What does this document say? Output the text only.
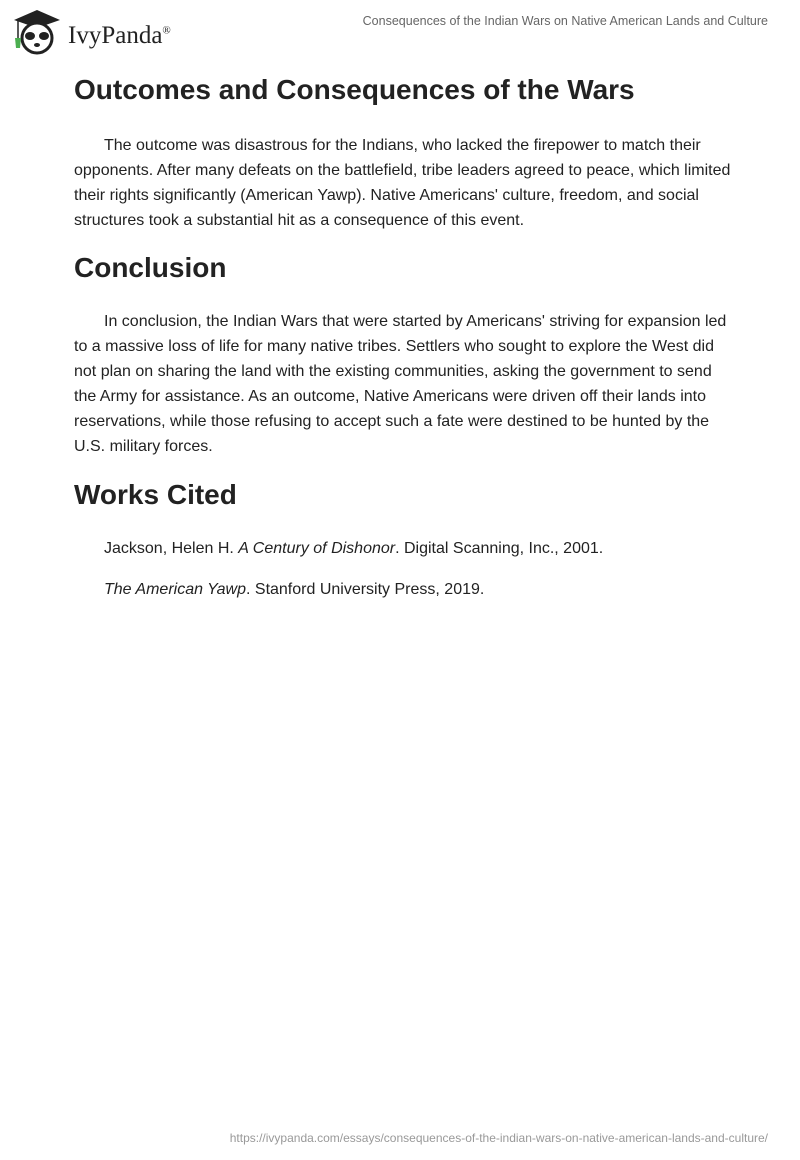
IvyPanda®
Consequences of the Indian Wars on Native American Lands and Culture
Outcomes and Consequences of the Wars

The outcome was disastrous for the Indians, who lacked the firepower to match their opponents. After many defeats on the battlefield, tribe leaders agreed to peace, which limited their rights significantly (American Yawp). Native Americans' culture, freedom, and social structures took a substantial hit as a consequence of this event.

Conclusion

In conclusion, the Indian Wars that were started by Americans' striving for expansion led to a massive loss of life for many native tribes. Settlers who sought to explore the West did not plan on sharing the land with the existing communities, asking the government to send the Army for assistance. As an outcome, Native Americans were driven off their lands into reservations, while those refusing to accept such a fate were destined to be hunted by the U.S. military forces.

Works Cited

Jackson, Helen H. A Century of Dishonor. Digital Scanning, Inc., 2001.

The American Yawp. Stanford University Press, 2019.

https://ivypanda.com/essays/consequences-of-the-indian-wars-on-native-american-lands-and-culture/
